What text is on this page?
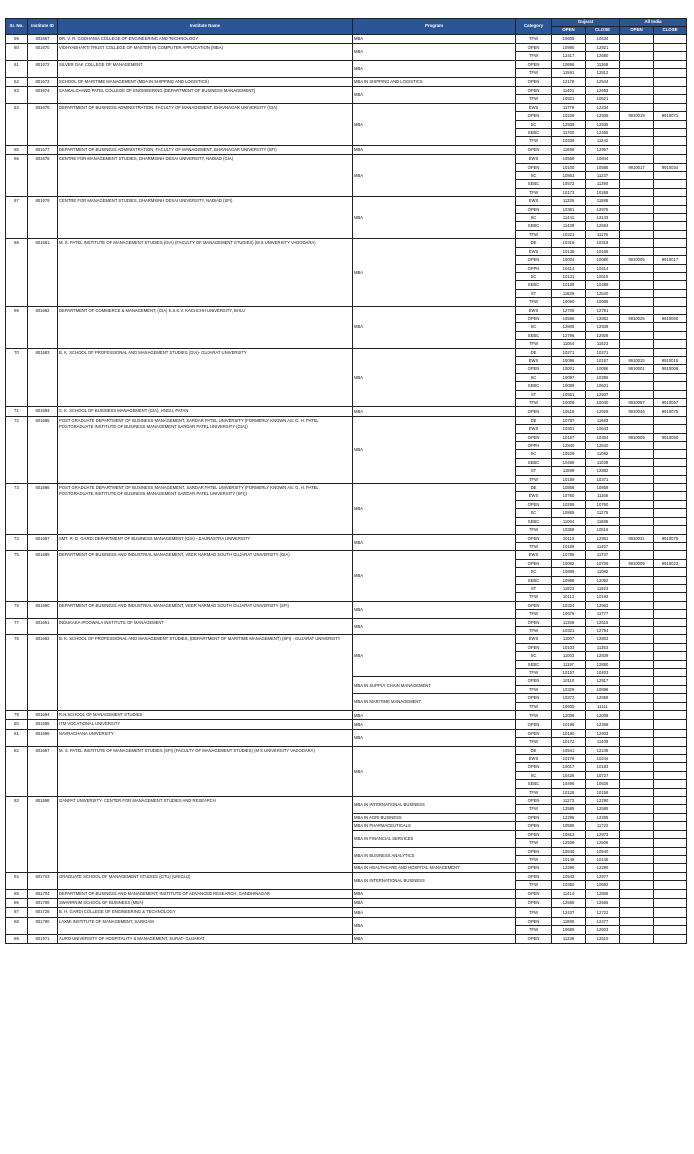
Sr. No.	Institute ID	Institute Name	Program	Category	Gujarat		All India	
					OPEN	CLOSE	OPEN	CLOSE
59	801667	DR. V. R. GODHANIA COLLEGE OF ENGINEERING AND TECHNOLOGY	MBA	TFW	10605	10434		
60	801670	VIDHYABHARTI TRUST COLLEGE OF MASTER IN COMPUTER APPLICATION (MBA)	MBA	OPEN	10990	12921		
				TFW	12417	12680		
61	801672	SILVER OAK COLLEGE OF MANAGEMENT	MBA	OPEN	10696	11368		
				TFW	11591	12812		
62	801673	SCHOOL OF MARITIME MANAGEMENT (MBA IN SHIPPING AND LOGISTICS)	MBA IN SHIPPING AND LOGISTICS	OPEN	12178	12544		
63	801674	SANKALCHAND PATEL COLLEGE OF ENGINEERING (DEPARTMENT OF BUSINESS MANAGEMENT)	MBA	OPEN	11401	12653		
				TFW	10521	10521		
64	801676	DEPARTMENT OF BUSINESS ADMINISTRATION, FACULTY OF MANAGEMENT, BHAVNAGAR UNIVERSITY (GIA)	MBA	EWS	11779	12234		
				OPEN	10228	12935	9910019	9910071
				SC	12935	12935		
				SEBC	11760	12455		
				TFW	10336	11242		
65	801677	DEPARTMENT OF BUSINESS ADMINISTRATION, FACULTY OF MANAGEMENT, BHAVNAGAR UNIVERSITY (SFI)	MBA	OPEN	11696	12957		
66	801678	CENTRE FOR MANAGEMENT STUDIES, DHARMSINH DESAI UNIVERSITY, NADIAD (GIA)	MBA	EWS	10558	10844		
				OPEN	10100	10585	9910017	9910034
				SC	10863	11237		
				SEBC	10572	11390		
				TFW	10173	10268		
67	801679	CENTRE FOR MANAGEMENT STUDIES, DHARMSINH DESAI UNIVERSITY, NADIAD (SFI)	MBA	EWS	11326	11588		
				OPEN	10381	12975		
				SC	11441	12143		
				SEBC	11438	12584		
				TFW	10221	11176		
68	801681	M. S. PATEL INSTITUTE OF MANAGEMENT STUDIES (GIA) (FACULTY OF MANAGEMENT STUDIES) (M S UNIVERSITY VADODARA)	MBA	DE	10318	10318		
				EWS	10135	10166		
				OPEN	10004	10080	9910005	9910017
				OPPH	10414	10414		
				SC	10131	10615		
				SEBC	10169	10489		
				ST	11829	12540		
				TFW	10060	10085		
69	801682	DEPARTMENT OF COMMERCE & MANAGEMENT, (GIA) K.S.K.V. KACHCHH UNIVERSITY, BHUJ	MBA	EWS	12706	12791		
				OPEN	10586	12862	9910025	9910060
				SC	12805	12939		
				SEBC	12796	12928		
				TFW	11054	11623		
70	801683	B. K. SCHOOL OF PROFESSIONAL AND MANAGEMENT STUDIES (GIA)- GUJARAT UNIVERSITY	MBA	DE	10271	10271		
				EWS	10096	10157	9910015	9910015
				OPEN	10001	10096	9910001	9910008
				SC	10097	10395		
				SEBC	10089	10631		
				ST	10551	12937		
				TFW	10006	10040	9910057	9910057
71	801684	S. K. SCHOOL OF BUSINESS MANAGEMENT (GIA), HNGU, PATAN	MBA	OPEN	10516	12929	9910046	9910075
72	801685	POST GRADUATE DEPARTMENT OF BUSINESS MANAGEMENT, SARDAR PATEL UNIVERSITY (FORMERLY KNOWN AS: G. H. PATEL POSTGRADUATE INSTITUTE OF BUSINESS MANAGEMENT SARDAR PATEL UNIVERSITY (GIA))	MBA	DE	10767	11683		
				EWS	10301	10643		
				OPEN	10167	10354	9910009	9910050
				OPPH	12840	12840		
				SC	10529	11082		
				SEBC	10489	11039		
				ST	11899	12882		
				TFW	10189	10371		
73	801686	POST GRADUATE DEPARTMENT OF BUSINESS MANAGEMENT, SARDAR PATEL UNIVERSITY (FORMERLY KNOWN AS: G. H. PATEL POSTGRADUATE INSTITUTE OF BUSINESS MANAGEMENT SARDAR PATEL UNIVERSITY (SFI))	MBA	DE	10858	10858		
				EWS	10760	11168		
				OPEN	10296	10760		
				SC	10865	11275		
				SEBC	11064	11686		
				TFW	10358	10516		
74	801687	SMT. R. D. GARDI DEPARTMENT OF BUSINESS MANAGEMENT (GIA) - SAURASTRA UNIVERSITY	MBA	OPEN	10113	12981	9910031	9910075
				TFW	10189	11457		
75	801689	DEPARTMENT OF BUSINESS AND INDUSTRIAL MANAGEMENT, VEER NARMAD SOUTH GUJARAT UNIVERSITY (GIA)	MBA	EWS	10785	11737		
				OPEN	10082	10739	9910009	9910023
				SC	10889	11082		
				SEBC	10988	12092		
				ST	11923	11923		
				TFW	10112	10193		
76	801690	DEPARTMENT OF BUSINESS AND INDUSTRIAL MANAGEMENT, VEER NARMAD SOUTH GUJARAT UNIVERSITY (SFI)	MBA	OPEN	10324	12963		
				TFW	10676	11777		
77	801691	INDUKAKA IPCOWALA INSTITUTE OF MANAGEMENT	MBA	OPEN	11359	12515		
				TFW	10321	12794		
78	801692	B. K. SCHOOL OF PROFESSIONAL AND MANAGEMENT STUDIES, (DEPARTMENT OF MARITIME MANAGEMENT) (SFI) - GUJARAT UNIVERSITY	MBA	EWS	11007	12803		
				OPEN	10103	11353		
				SC	11003	12839		
				SEBC	11197	12850		
				TFW	10157	10403		
			MBA IN SUPPLY CHAIN MANAGEMENT	OPEN	10110	12917		
				TFW	10329	10898		
			MBA IN MARITIME MANAGEMENT	OPEN	10372	12958		
				TFW	10605	11111		
79	801694	R.N.SCHOOL OF MANAGEMENT STUDIES	MBA	TFW	12008	12008		
80	801695	ITM VOCATIONAL UNIVERSITY	MBA	OPEN	10199	12368		
81	801696	NAVRACHANA UNIVERSITY	MBA	OPEN	10180	12903		
				TFW	10172	11409		
82	801697	M. S. PATEL INSTITUTE OF MANAGEMENT STUDIES (SFI) (FACULTY OF MANAGEMENT STUDIES) (M S UNIVERSITY VADODARA)	MBA	DE	10541	12246		
				EWS	10176	10244		
				OPEN	10017	10183		
				SC	10426	10727		
				SEBC	10496	10826		
				TFW	10126	10158		
83	801698	GANPAT UNIVERSITY- CENTER FOR MANAGEMENT STUDIES AND RESEARCH	MBA IN INTERNATIONAL BUSINESS	OPEN	11273	12290		
				TFW	12585	12585		
			MBA IN AGRI BUSINESS	OPEN	12295	12295		
			MBA IN PHARMACEUTICALS	OPEN	10585	11722		
			MBA IN FINANCIAL SERVICES	OPEN	10813	12973		
				TFW	12506	12506		
			MBA IN BUSINESS ANALYTICS	OPEN	10540	10540		
				TFW	10145	10145		
			MBA IN HEALTHCARE AND HOSPITAL MANAGEMENT	OPEN	12290	12290		
84	801703	GRADUATE SCHOOL OF MANAGEMENT STUDIES (GTU) (UNIGUJ)	MBA IN INTERNATIONAL BUSINESS	OPEN	10542	12977		
				TFW	10350	10692		
85	801704	DEPARTMENT OF BUSINESS AND MANAGEMENT, INSTITUTE OF ADVANCED RESEARCH, GANDHINAGAR	MBA	OPEN	11414	12806		
86	801706	SWARRNIM SCHOOL OF BUSINESS (MBA)	MBA	OPEN	12565	12565		
87	801728	B. H. GARDI COLLEGE OF ENGINEERING & TECHNOLOGY	MBA	TFW	12437	12722		
88	801790	LAXMI INSTITUTE OF MANAGEMENT, SARIGAM	MBA	OPEN	11890	12477		
				TFW	10685	12503		
89	801971	AURO UNIVERSITY OF HOSPITALITY & MANAGEMENT, SURAT- GUJARAT	MBA	OPEN	11238	12510		
